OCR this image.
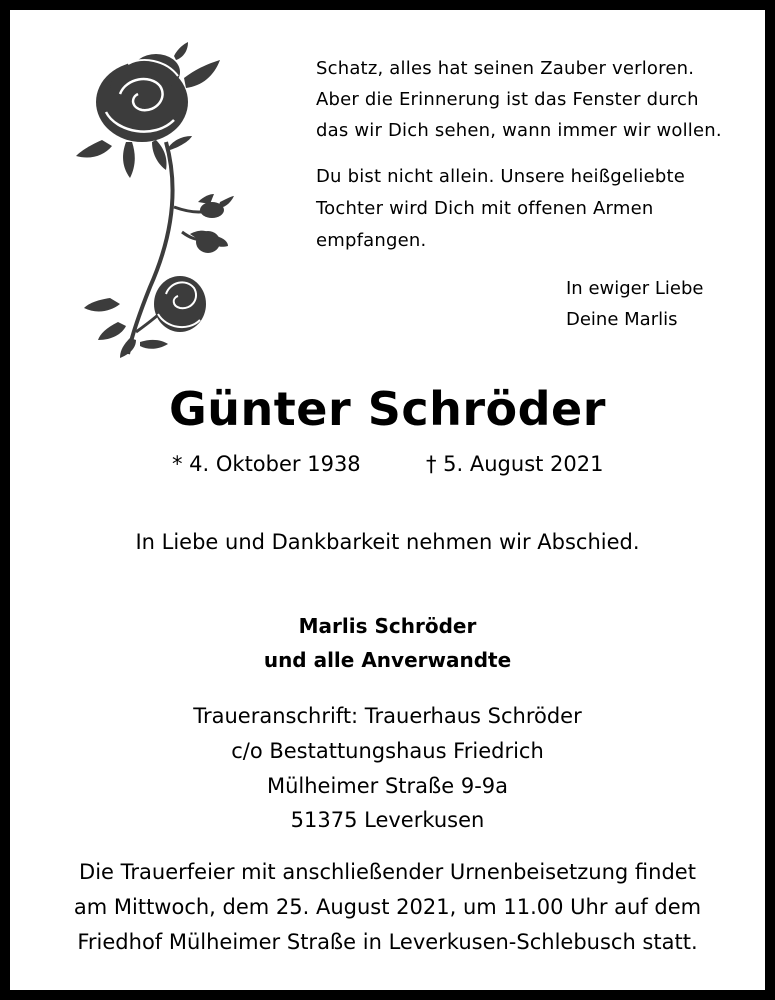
Schatz, alles hat seinen Zauber verloren.
Aber die Erinnerung ist das Fenster durch
das wir Dich sehen, wann immer wir wollen.
Du bist nicht allein. Unsere heißgeliebte
Tochter wird Dich mit offenen Armen
empfangen.
In ewiger Liebe
Deine Marlis
Günter Schröder
* 4. Oktober 1938	† 5. August 2021
In Liebe und Dankbarkeit nehmen wir Abschied.
Marlis Schröder
und alle Anverwandte
Traueranschrift: Trauerhaus Schröder
c/o Bestattungshaus Friedrich
Mülheimer Straße 9-9a
51375 Leverkusen
Die Trauerfeier mit anschließender Urnenbeisetzung findet
am Mittwoch, dem 25. August 2021, um 11.00 Uhr auf dem
Friedhof Mülheimer Straße in Leverkusen-Schlebusch statt.
